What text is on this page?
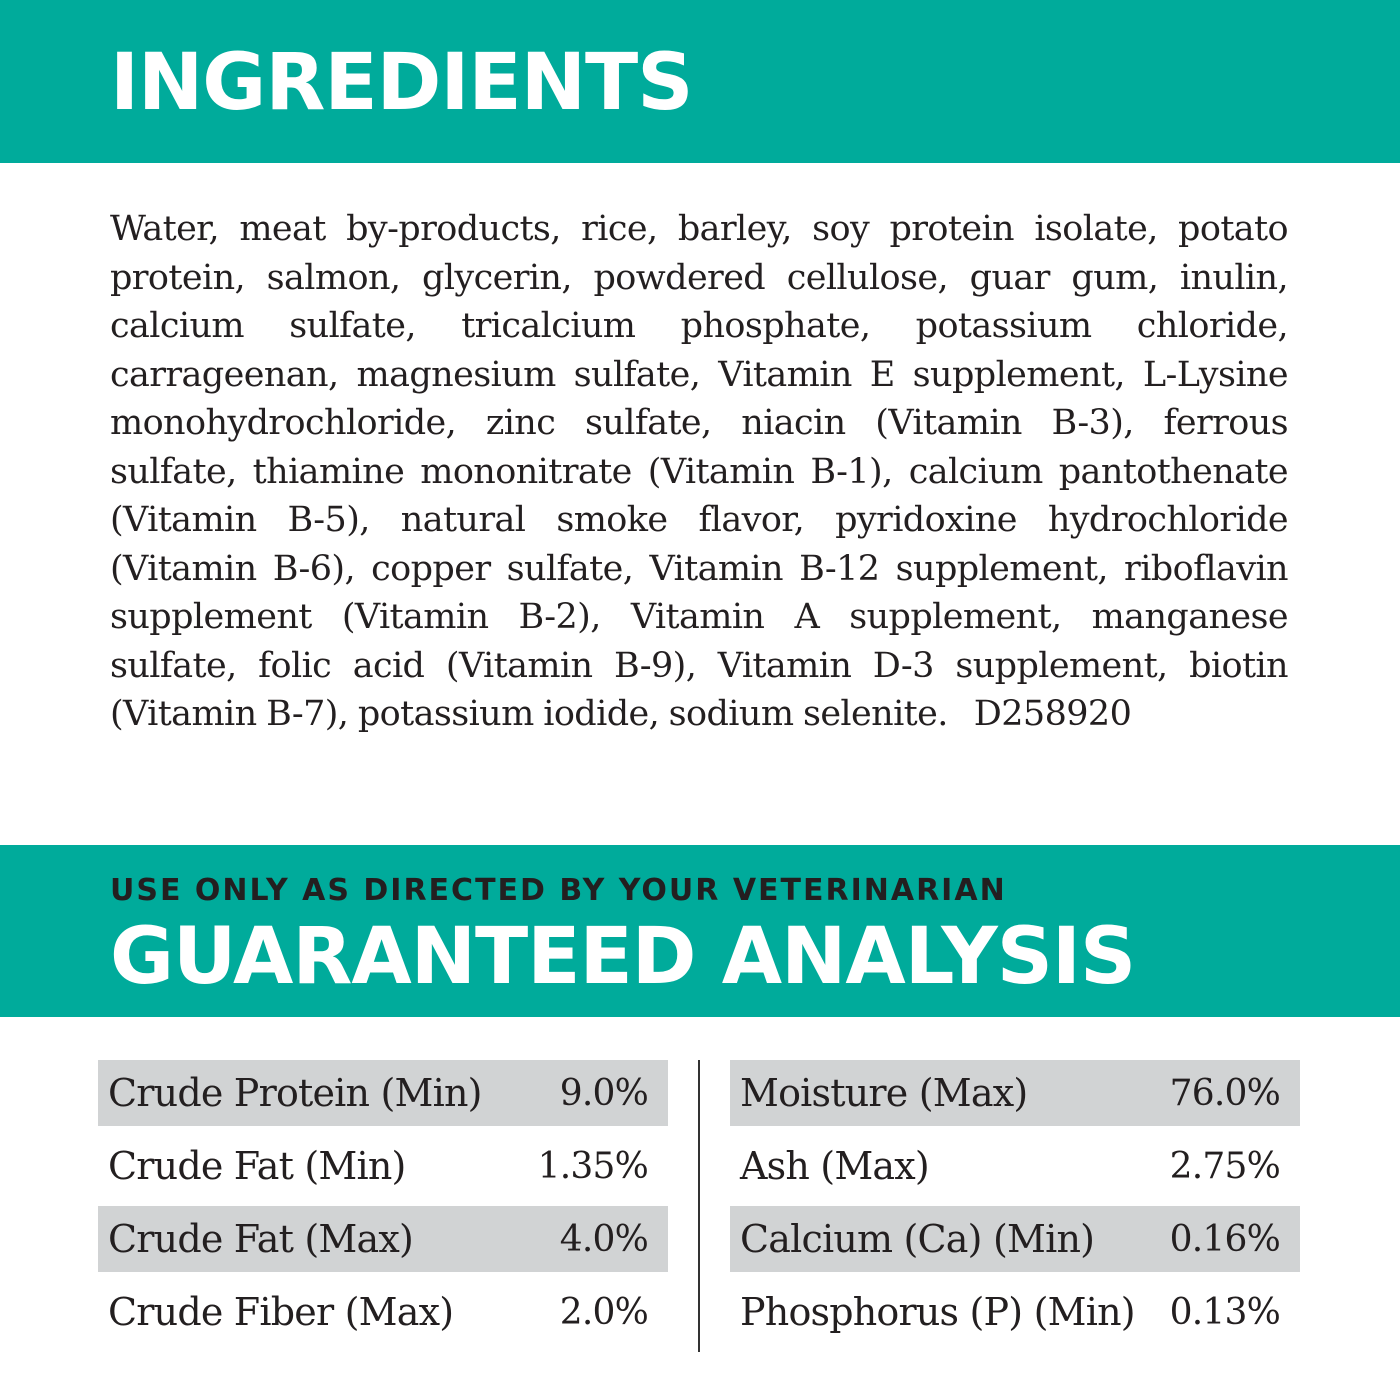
INGREDIENTS

Water, meat by-products, rice, barley, soy protein isolate, potato protein, salmon, glycerin, powdered cellulose, guar gum, inulin, calcium sulfate, tricalcium phosphate, potassium chloride, carrageenan, magnesium sulfate, Vitamin E supplement, L-Lysine monohydrochloride, zinc sulfate, niacin (Vitamin B-3), ferrous sulfate, thiamine mononitrate (Vitamin B-1), calcium pantothenate (Vitamin B-5), natural smoke flavor, pyridoxine hydrochloride (Vitamin B-6), copper sulfate, Vitamin B-12 supplement, riboflavin supplement (Vitamin B-2), Vitamin A supplement, manganese sulfate, folic acid (Vitamin B-9), Vitamin D-3 supplement, biotin (Vitamin B-7), potassium iodide, sodium selenite. D258920

USE ONLY AS DIRECTED BY YOUR VETERINARIAN
GUARANTEED ANALYSIS
Crude Protein (Min) 9.0%
Crude Fat (Min)	1.35%
Crude Fat (Max)	4.0%
Crude Fiber (Max)	2.0%
Moisture (Max)	76.0%
Ash (Max)	2.75%
Calcium (Ca) (Min) 0.16%
Phosphorus (P) (Min) 0.13%
